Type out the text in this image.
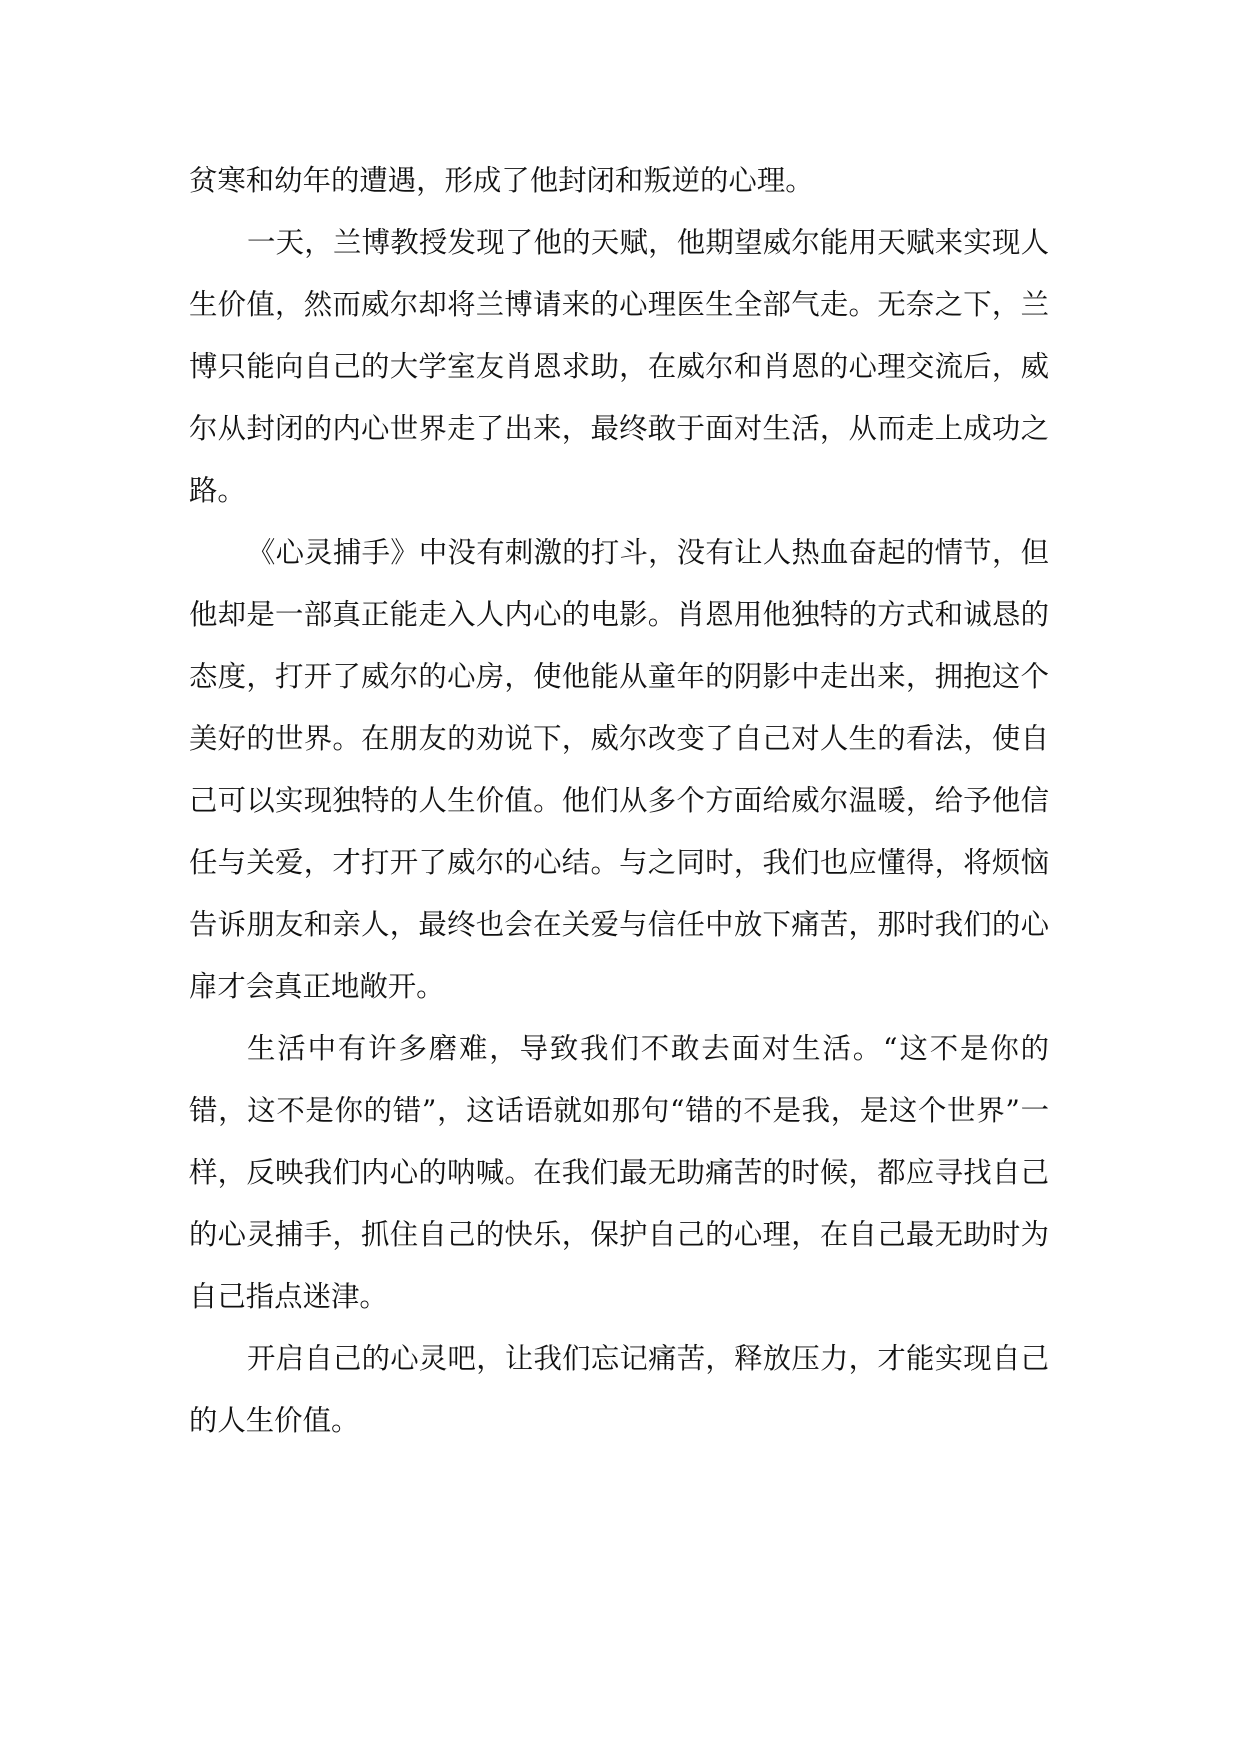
贫寒和幼年的遭遇，形成了他封闭和叛逆的心理。

一天，兰博教授发现了他的天赋，他期望威尔能用天赋来实现人生价值，然而威尔却将兰博请来的心理医生全部气走。无奈之下，兰博只能向自己的大学室友肖恩求助，在威尔和肖恩的心理交流后，威尔从封闭的内心世界走了出来，最终敢于面对生活，从而走上成功之路。

《心灵捕手》中没有刺激的打斗，没有让人热血奋起的情节，但他却是一部真正能走入人内心的电影。肖恩用他独特的方式和诚恳的态度，打开了威尔的心房，使他能从童年的阴影中走出来，拥抱这个美好的世界。在朋友的劝说下，威尔改变了自己对人生的看法，使自己可以实现独特的人生价值。他们从多个方面给威尔温暖，给予他信任与关爱，才打开了威尔的心结。与之同时，我们也应懂得，将烦恼告诉朋友和亲人，最终也会在关爱与信任中放下痛苦，那时我们的心扉才会真正地敞开。

生活中有许多磨难，导致我们不敢去面对生活。“这不是你的错，这不是你的错”，这话语就如那句“错的不是我，是这个世界”一样，反映我们内心的呐喊。在我们最无助痛苦的时候，都应寻找自己的心灵捕手，抓住自己的快乐，保护自己的心理，在自己最无助时为自己指点迷津。

开启自己的心灵吧，让我们忘记痛苦，释放压力，才能实现自己的人生价值。
